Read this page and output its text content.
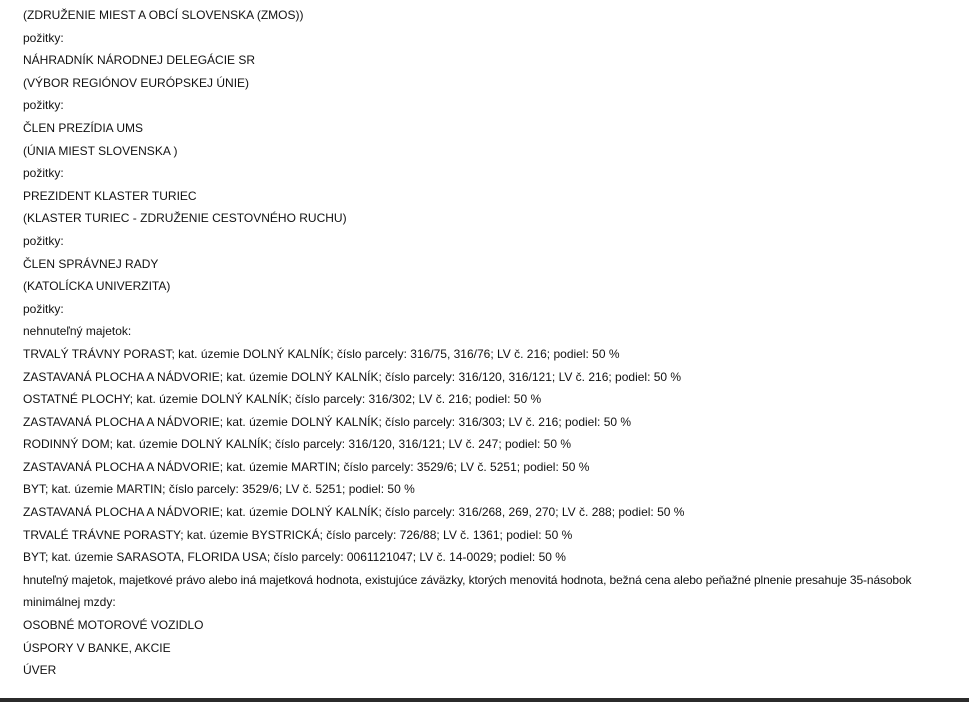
(ZDRUŽENIE MIEST A OBCÍ SLOVENSKA (ZMOS))
požitky:
NÁHRADNÍK NÁRODNEJ DELEGÁCIE SR
(VÝBOR REGIÓNOV EURÓPSKEJ ÚNIE)
požitky:
ČLEN PREZÍDIA UMS
(ÚNIA MIEST SLOVENSKA )
požitky:
PREZIDENT KLASTER TURIEC
(KLASTER TURIEC - ZDRUŽENIE CESTOVNÉHO RUCHU)
požitky:
ČLEN SPRÁVNEJ RADY
(KATOLÍCKA UNIVERZITA)
požitky:
nehnuteľný majetok:
TRVALÝ TRÁVNY PORAST; kat. územie DOLNÝ KALNÍK; číslo parcely: 316/75, 316/76; LV č. 216; podiel: 50 %
ZASTAVANÁ PLOCHA A NÁDVORIE; kat. územie DOLNÝ KALNÍK; číslo parcely: 316/120, 316/121; LV č. 216; podiel: 50 %
OSTATNÉ PLOCHY; kat. územie DOLNÝ KALNÍK; číslo parcely: 316/302; LV č. 216; podiel: 50 %
ZASTAVANÁ PLOCHA A NÁDVORIE; kat. územie DOLNÝ KALNÍK; číslo parcely: 316/303; LV č. 216; podiel: 50 %
RODINNÝ DOM; kat. územie DOLNÝ KALNÍK; číslo parcely: 316/120, 316/121; LV č. 247; podiel: 50 %
ZASTAVANÁ PLOCHA A NÁDVORIE; kat. územie MARTIN; číslo parcely: 3529/6; LV č. 5251; podiel: 50 %
BYT; kat. územie MARTIN; číslo parcely: 3529/6; LV č. 5251; podiel: 50 %
ZASTAVANÁ PLOCHA A NÁDVORIE; kat. územie DOLNÝ KALNÍK; číslo parcely: 316/268, 269, 270; LV č. 288; podiel: 50 %
TRVALÉ TRÁVNE PORASTY; kat. územie BYSTRICKÁ; číslo parcely: 726/88; LV č. 1361; podiel: 50 %
BYT; kat. územie SARASOTA, FLORIDA USA; číslo parcely: 0061121047; LV č. 14-0029; podiel: 50 %
hnuteľný majetok, majetkové právo alebo iná majetková hodnota, existujúce záväzky, ktorých menovitá hodnota, bežná cena alebo peňažné plnenie presahuje 35-násobok
minimálnej mzdy:
OSOBNÉ MOTOROVÉ VOZIDLO
ÚSPORY V BANKE, AKCIE
ÚVER
